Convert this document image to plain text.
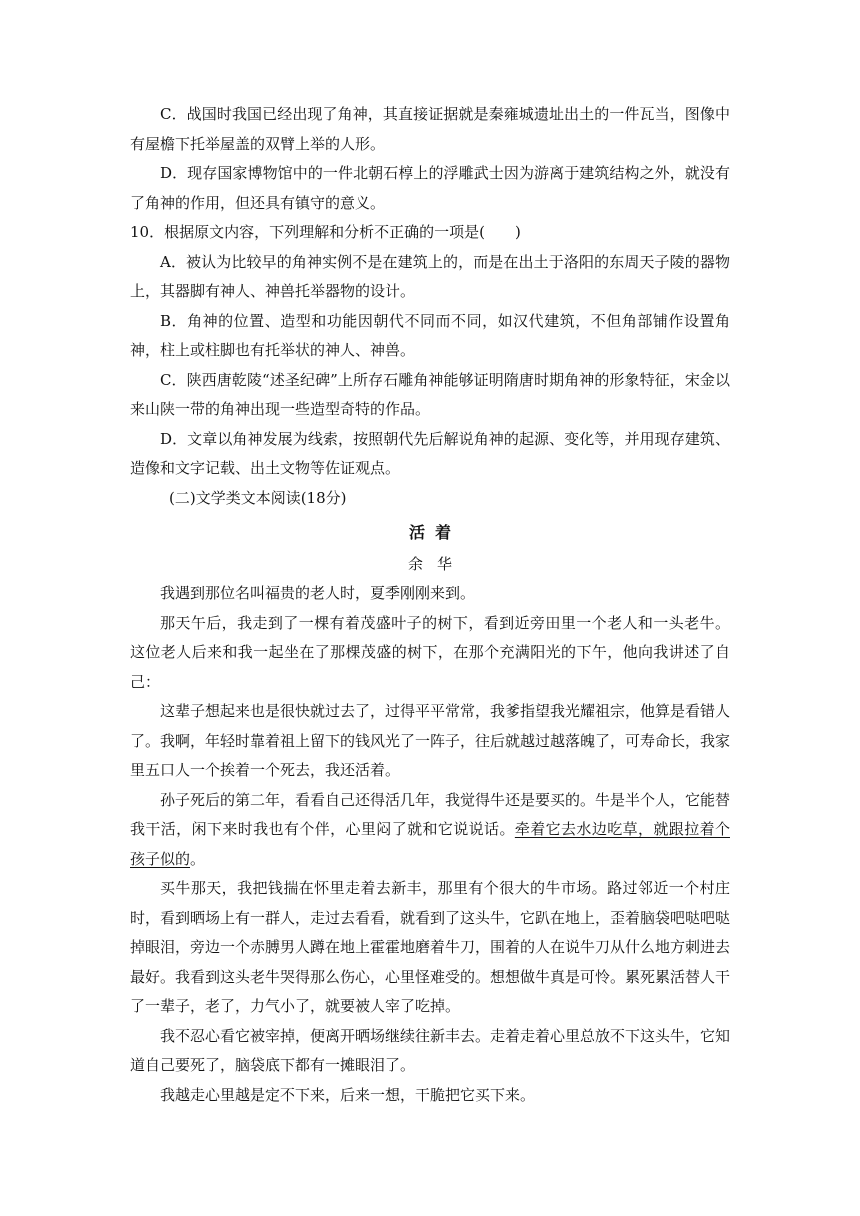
C．战国时我国已经出现了角神，其直接证据就是秦雍城遗址出土的一件瓦当，图像中有屋檐下托举屋盖的双臂上举的人形。

D．现存国家博物馆中的一件北朝石椁上的浮雕武士因为游离于建筑结构之外，就没有了角神的作用，但还具有镇守的意义。

10．根据原文内容，下列理解和分析不正确的一项是(　　)

A．被认为比较早的角神实例不是在建筑上的，而是在出土于洛阳的东周天子陵的器物上，其器脚有神人、神兽托举器物的设计。

B．角神的位置、造型和功能因朝代不同而不同，如汉代建筑，不但角部铺作设置角神，柱上或柱脚也有托举状的神人、神兽。

C．陕西唐乾陵“述圣纪碑”上所存石雕角神能够证明隋唐时期角神的形象特征，宋金以来山陕一带的角神出现一些造型奇特的作品。

D．文章以角神发展为线索，按照朝代先后解说角神的起源、变化等，并用现存建筑、造像和文字记载、出土文物等佐证观点。

(二)文学类文本阅读(18分)

活着

余华

我遇到那位名叫福贵的老人时，夏季刚刚来到。

那天午后，我走到了一棵有着茂盛叶子的树下，看到近旁田里一个老人和一头老牛。 这位老人后来和我一起坐在了那棵茂盛的树下，在那个充满阳光的下午，他向我讲述了自己：

这辈子想起来也是很快就过去了，过得平平常常，我爹指望我光耀祖宗，他算是看错人了。我啊，年轻时靠着祖上留下的钱风光了一阵子，往后就越过越落魄了，可寿命长，我家里五口人一个挨着一个死去，我还活着。

孙子死后的第二年，看看自己还得活几年，我觉得牛还是要买的。牛是半个人，它能替我干活，闲下来时我也有个伴，心里闷了就和它说说话。牵着它去水边吃草，就跟拉着个孩子似的。

买牛那天，我把钱揣在怀里走着去新丰，那里有个很大的牛市场。路过邻近一个村庄时，看到晒场上有一群人，走过去看看，就看到了这头牛，它趴在地上，歪着脑袋吧哒吧哒掉眼泪，旁边一个赤膊男人蹲在地上霍霍地磨着牛刀，围着的人在说牛刀从什么地方刺进去最好。我看到这头老牛哭得那么伤心，心里怪难受的。想想做牛真是可怜。累死累活替人干了一辈子，老了，力气小了，就要被人宰了吃掉。

我不忍心看它被宰掉，便离开晒场继续往新丰去。走着走着心里总放不下这头牛，它知道自己要死了，脑袋底下都有一摊眼泪了。

我越走心里越是定不下来，后来一想，干脆把它买下来。
